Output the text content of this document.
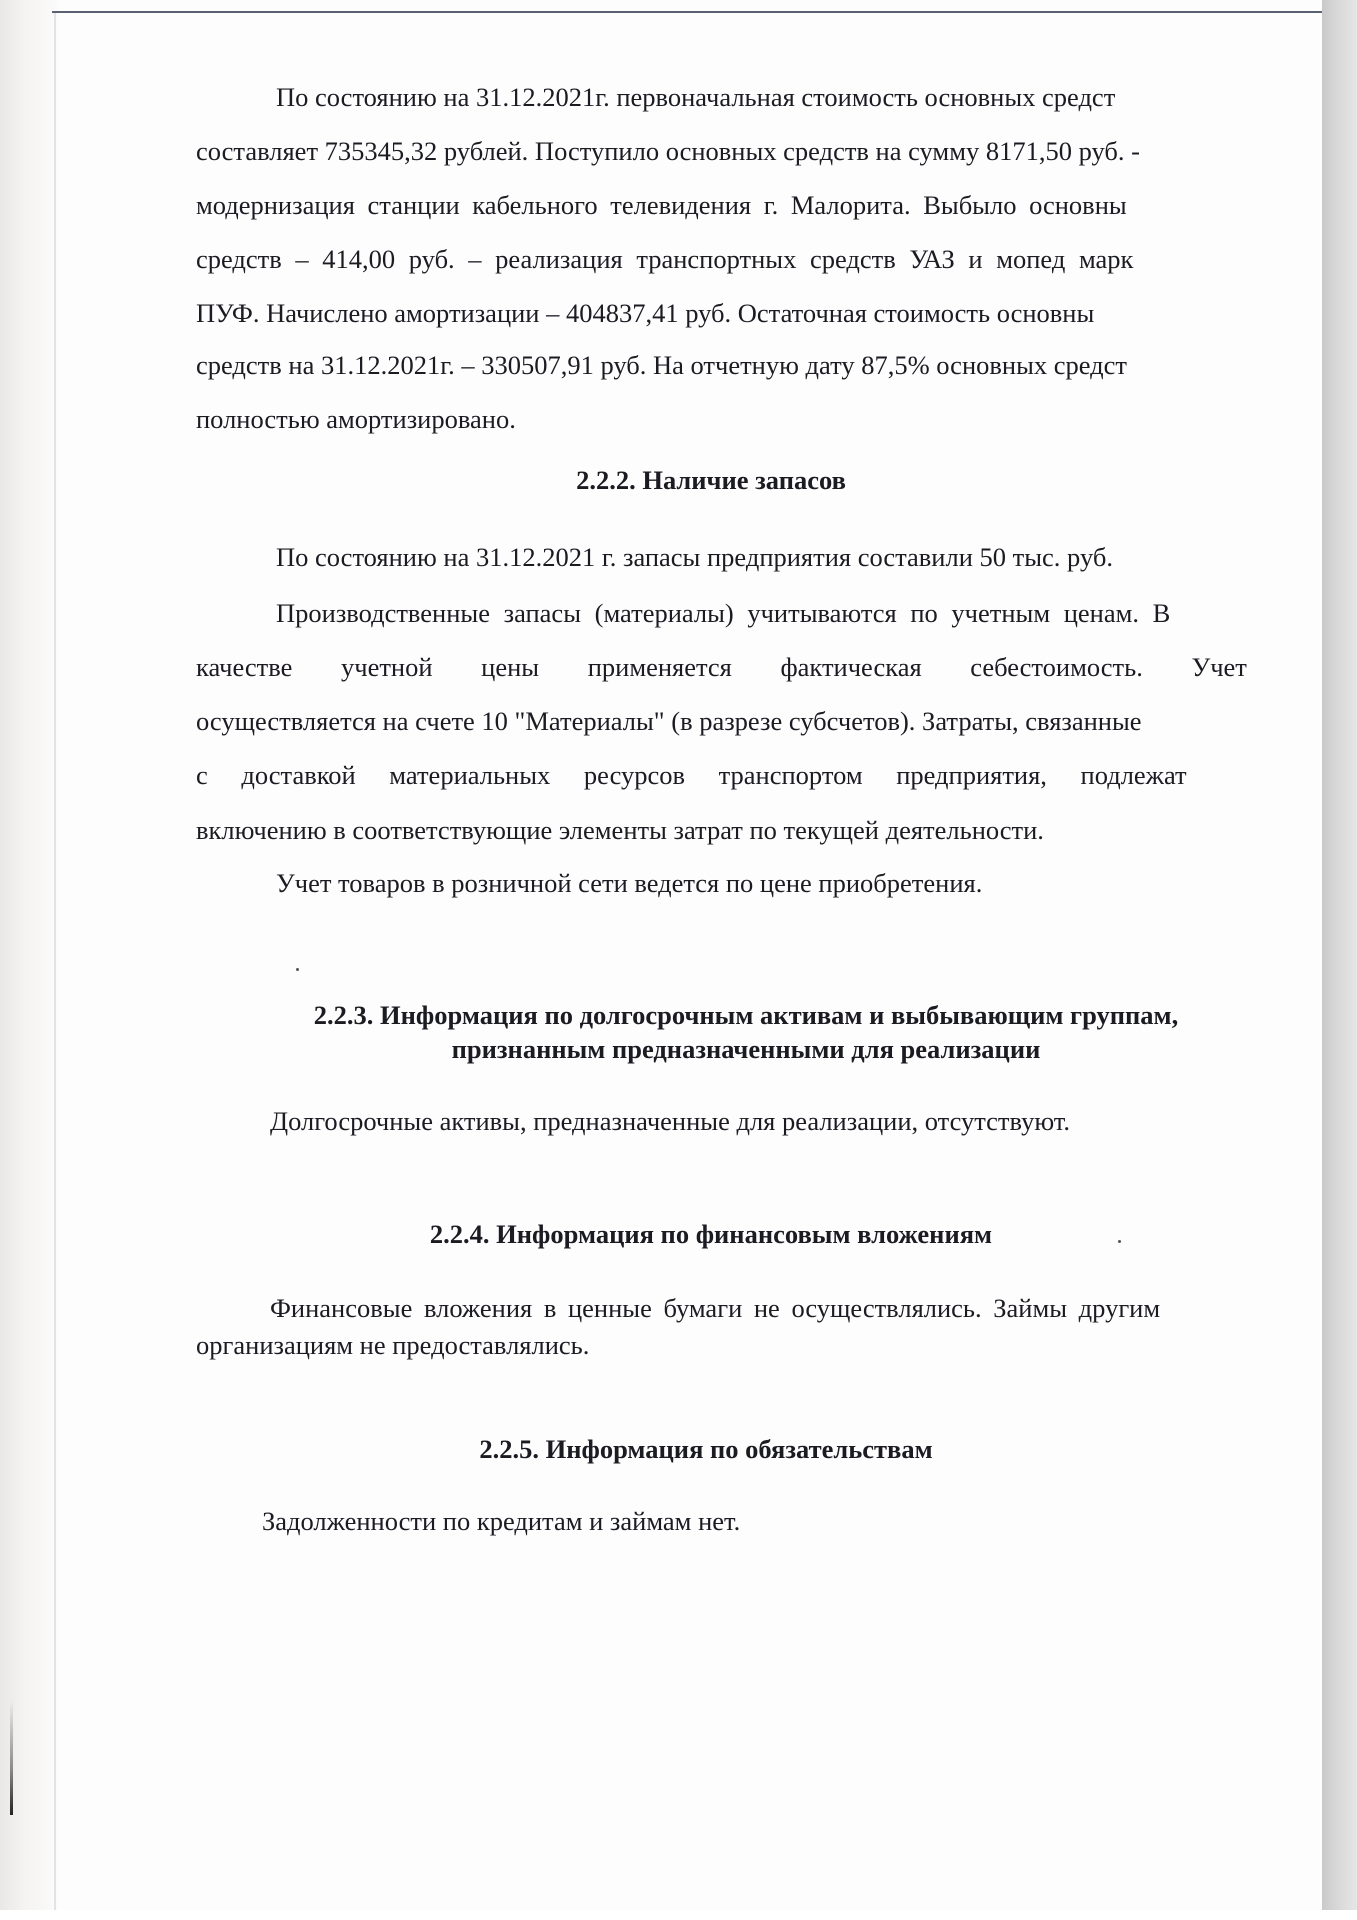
По состоянию на 31.12.2021г. первоначальная стоимость основных средст
составляет 735345,32 рублей. Поступило основных средств на сумму 8171,50 руб. -
модернизация станции кабельного телевидения г. Малорита. Выбыло основны
средств – 414,00 руб. – реализация транспортных средств УАЗ и мопед марк
ПУФ. Начислено амортизации – 404837,41 руб. Остаточная стоимость основны
средств на 31.12.2021г. – 330507,91 руб. На отчетную дату 87,5% основных средст
полностью амортизировано.
2.2.2. Наличие запасов
По состоянию на 31.12.2021 г. запасы предприятия составили 50 тыс. руб.
Производственные запасы (материалы) учитываются по учетным ценам. В
качестве учетной цены применяется фактическая себестоимость. Учет
осуществляется на счете 10 "Материалы" (в разрезе субсчетов). Затраты, связанные
с доставкой материальных ресурсов транспортом предприятия, подлежат
включению в соответствующие элементы затрат по текущей деятельности.
Учет товаров в розничной сети ведется по цене приобретения.
2.2.3. Информация по долгосрочным активам и выбывающим группам,
признанным предназначенными для реализации
Долгосрочные активы, предназначенные для реализации, отсутствуют.
2.2.4. Информация по финансовым вложениям
Финансовые вложения в ценные бумаги не осуществлялись. Займы другим
организациям не предоставлялись.
2.2.5. Информация по обязательствам
Задолженности по кредитам и займам нет.
